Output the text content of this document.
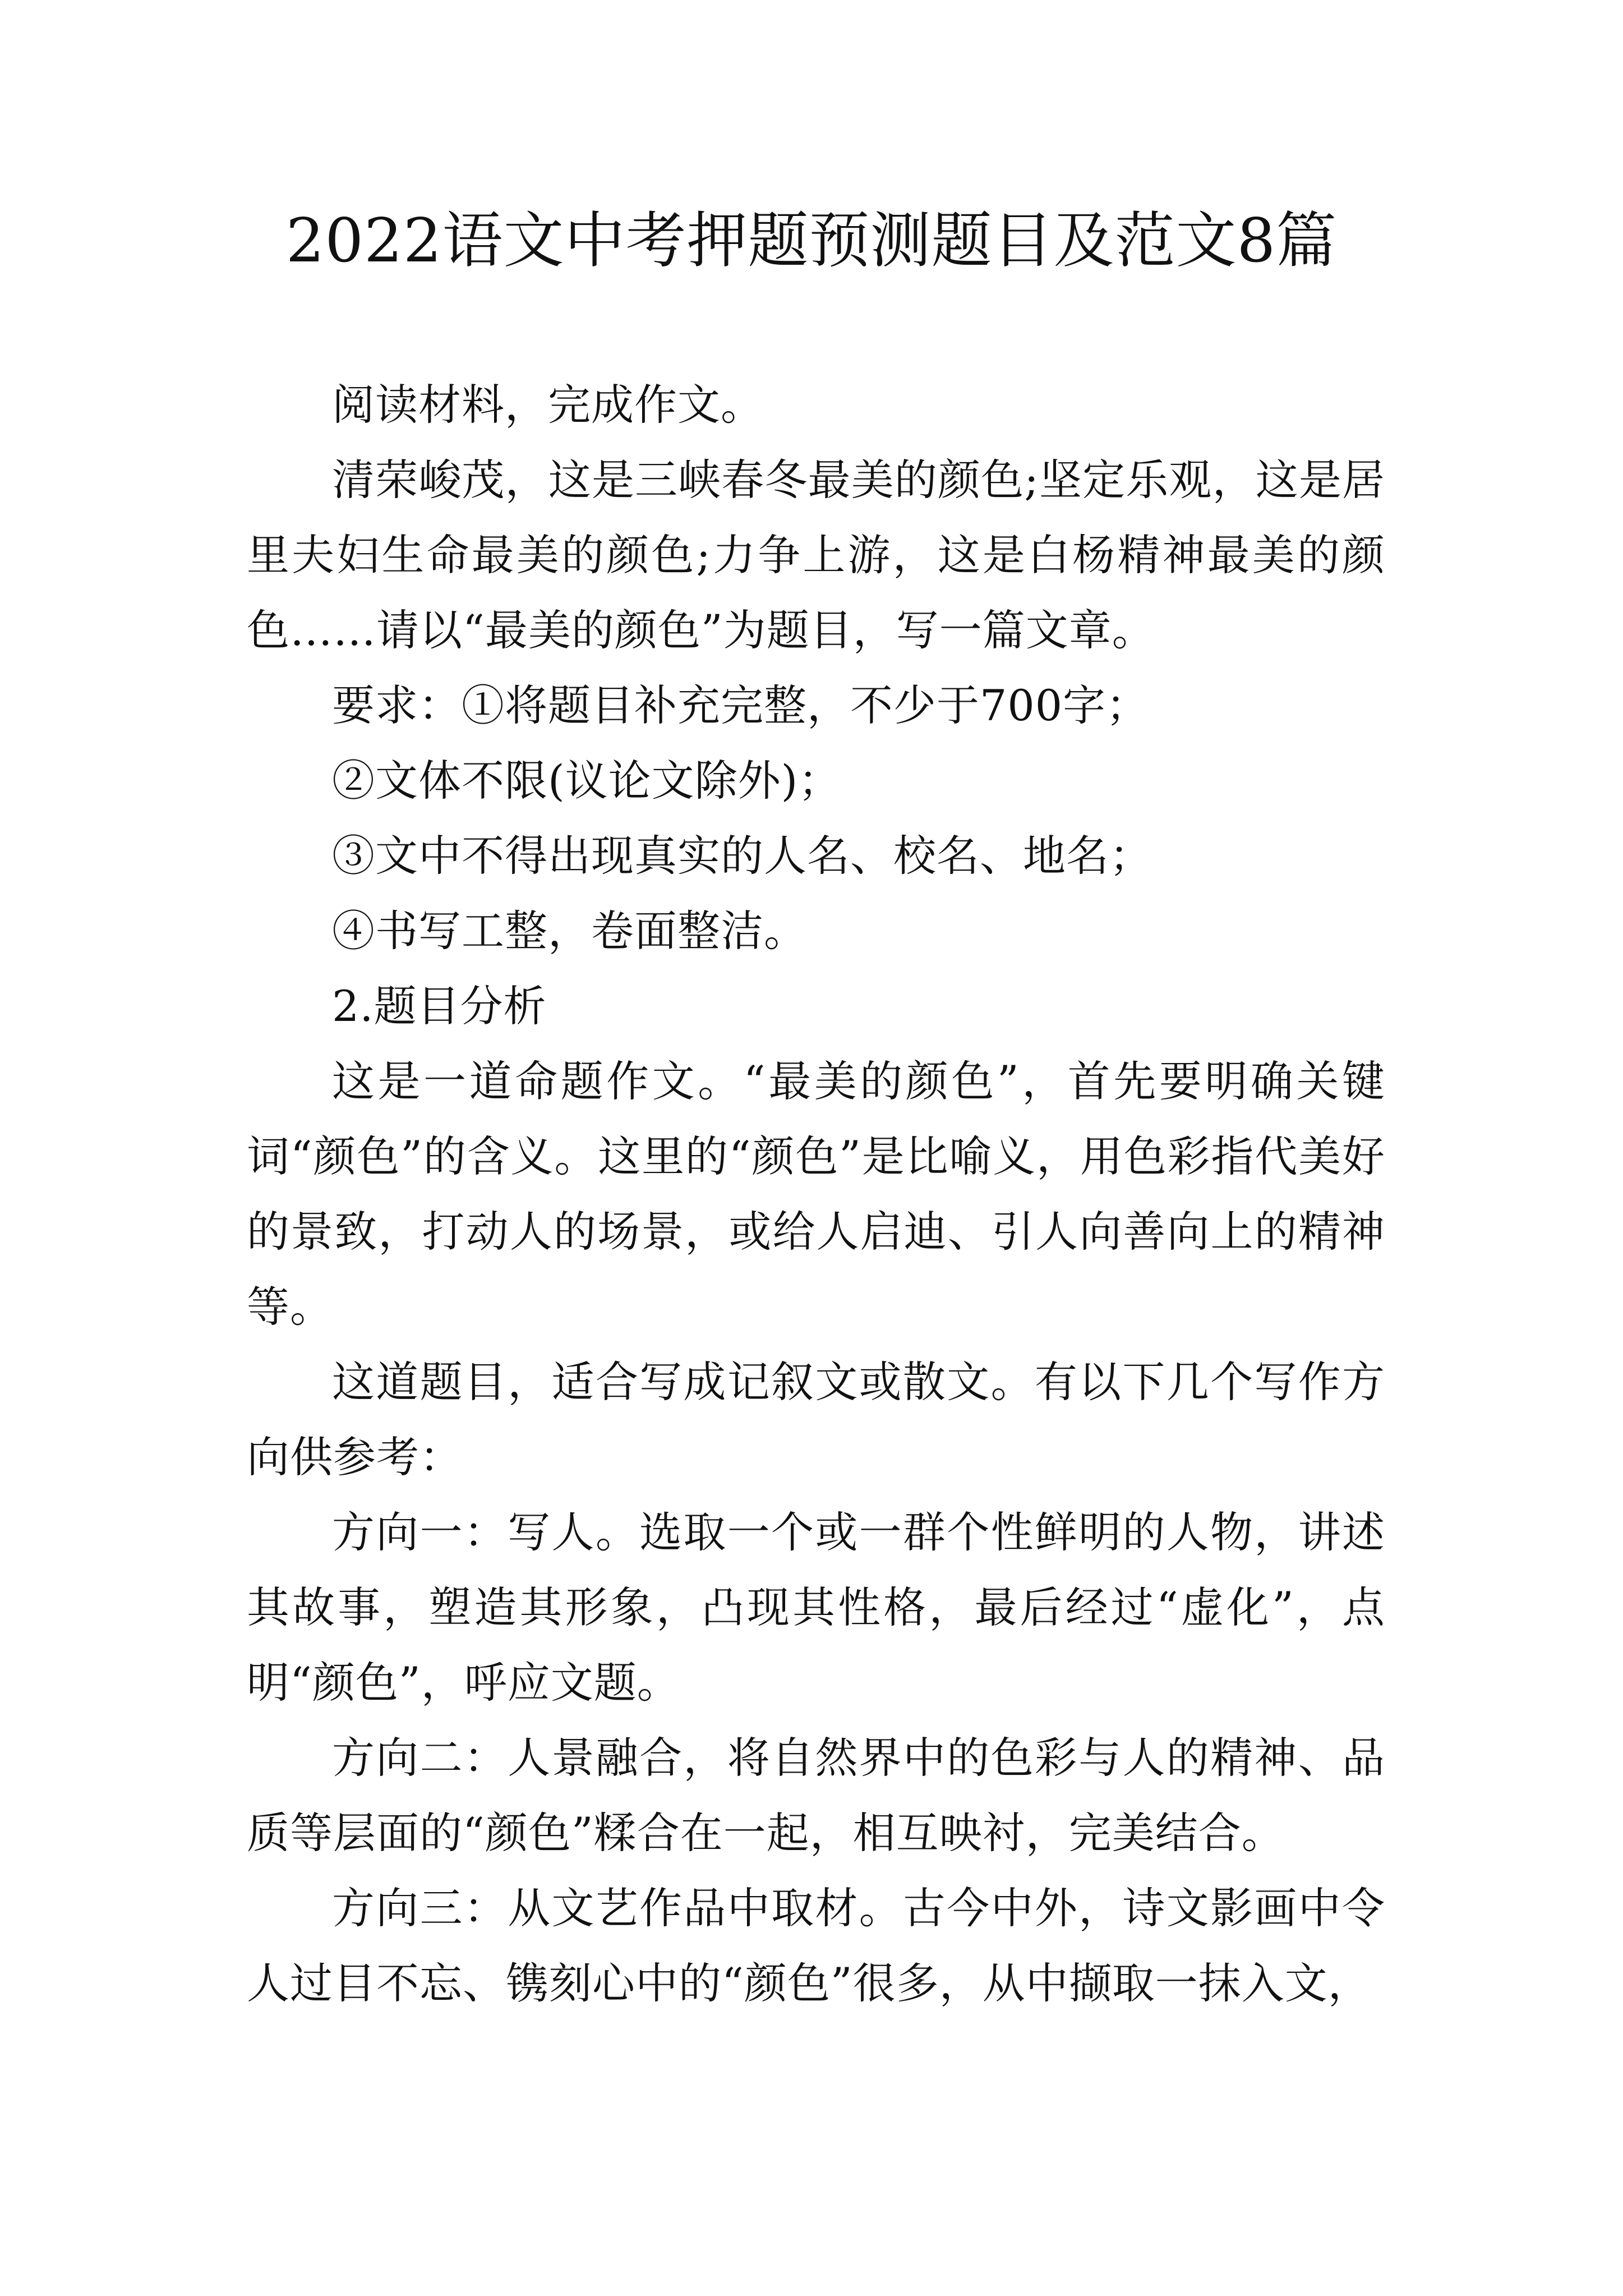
2022语文中考押题预测题目及范文8篇

阅读材料，完成作文。

清荣峻茂，这是三峡春冬最美的颜色;坚定乐观，这是居里夫妇生命最美的颜色;力争上游，这是白杨精神最美的颜色……请以“最美的颜色”为题目，写一篇文章。

要求：①将题目补充完整，不少于700字；

②文体不限(议论文除外)；

③文中不得出现真实的人名、校名、地名；

④书写工整，卷面整洁。

2.题目分析

这是一道命题作文。“最美的颜色”，首先要明确关键词“颜色”的含义。这里的“颜色”是比喻义，用色彩指代美好的景致，打动人的场景，或给人启迪、引人向善向上的精神等。

这道题目，适合写成记叙文或散文。有以下几个写作方向供参考：

方向一：写人。选取一个或一群个性鲜明的人物，讲述其故事，塑造其形象，凸现其性格，最后经过“虚化”，点明“颜色”，呼应文题。

方向二：人景融合，将自然界中的色彩与人的精神、品质等层面的“颜色”糅合在一起，相互映衬，完美结合。

方向三：从文艺作品中取材。古今中外，诗文影画中令人过目不忘、镌刻心中的“颜色”很多，从中撷取一抹入文，
